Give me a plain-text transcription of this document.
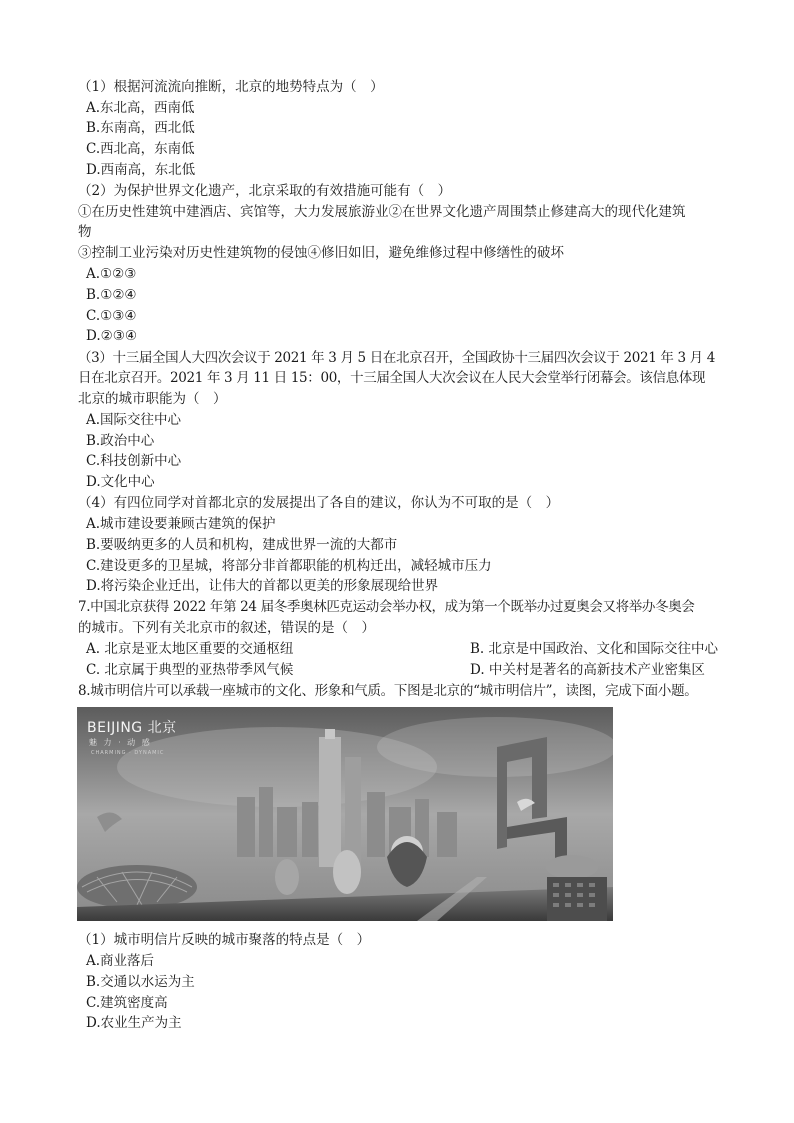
（1）根据河流流向推断，北京的地势特点为（　）
A.东北高，西南低
B.东南高，西北低
C.西北高，东南低
D.西南高，东北低
（2）为保护世界文化遗产，北京采取的有效措施可能有（　）
①在历史性建筑中建酒店、宾馆等，大力发展旅游业②在世界文化遗产周围禁止修建高大的现代化建筑
物
③控制工业污染对历史性建筑物的侵蚀④修旧如旧，避免维修过程中修缮性的破坏
A.①②③
B.①②④
C.①③④
D.②③④
（3）十三届全国人大四次会议于 2021 年 3 月 5 日在北京召开，全国政协十三届四次会议于 2021 年 3 月 4
日在北京召开。2021 年 3 月 11 日 15：00，十三届全国人大次会议在人民大会堂举行闭幕会。该信息体现
北京的城市职能为（　）
A.国际交往中心
B.政治中心
C.科技创新中心
D.文化中心
（4）有四位同学对首都北京的发展提出了各自的建议，你认为不可取的是（　）
A.城市建设要兼顾古建筑的保护
B.要吸纳更多的人员和机构，建成世界一流的大都市
C.建设更多的卫星城，将部分非首都职能的机构迁出，减轻城市压力
D.将污染企业迁出，让伟大的首都以更美的形象展现给世界
7.中国北京获得 2022 年第 24 届冬季奥林匹克运动会举办权，成为第一个既举办过夏奥会又将举办冬奥会
的城市。下列有关北京市的叙述，错误的是（　）
A. 北京是亚太地区重要的交通枢纽	B. 北京是中国政治、文化和国际交往中心
C. 北京属于典型的亚热带季风气候	D. 中关村是著名的高新技术产业密集区
8.城市明信片可以承载一座城市的文化、形象和气质。下图是北京的“城市明信片”，读图，完成下面小题。
BEIJING 北京
魅 力 · 动 感
CHARMING · DYNAMIC
（1）城市明信片反映的城市聚落的特点是（　）
A.商业落后
B.交通以水运为主
C.建筑密度高
D.农业生产为主
